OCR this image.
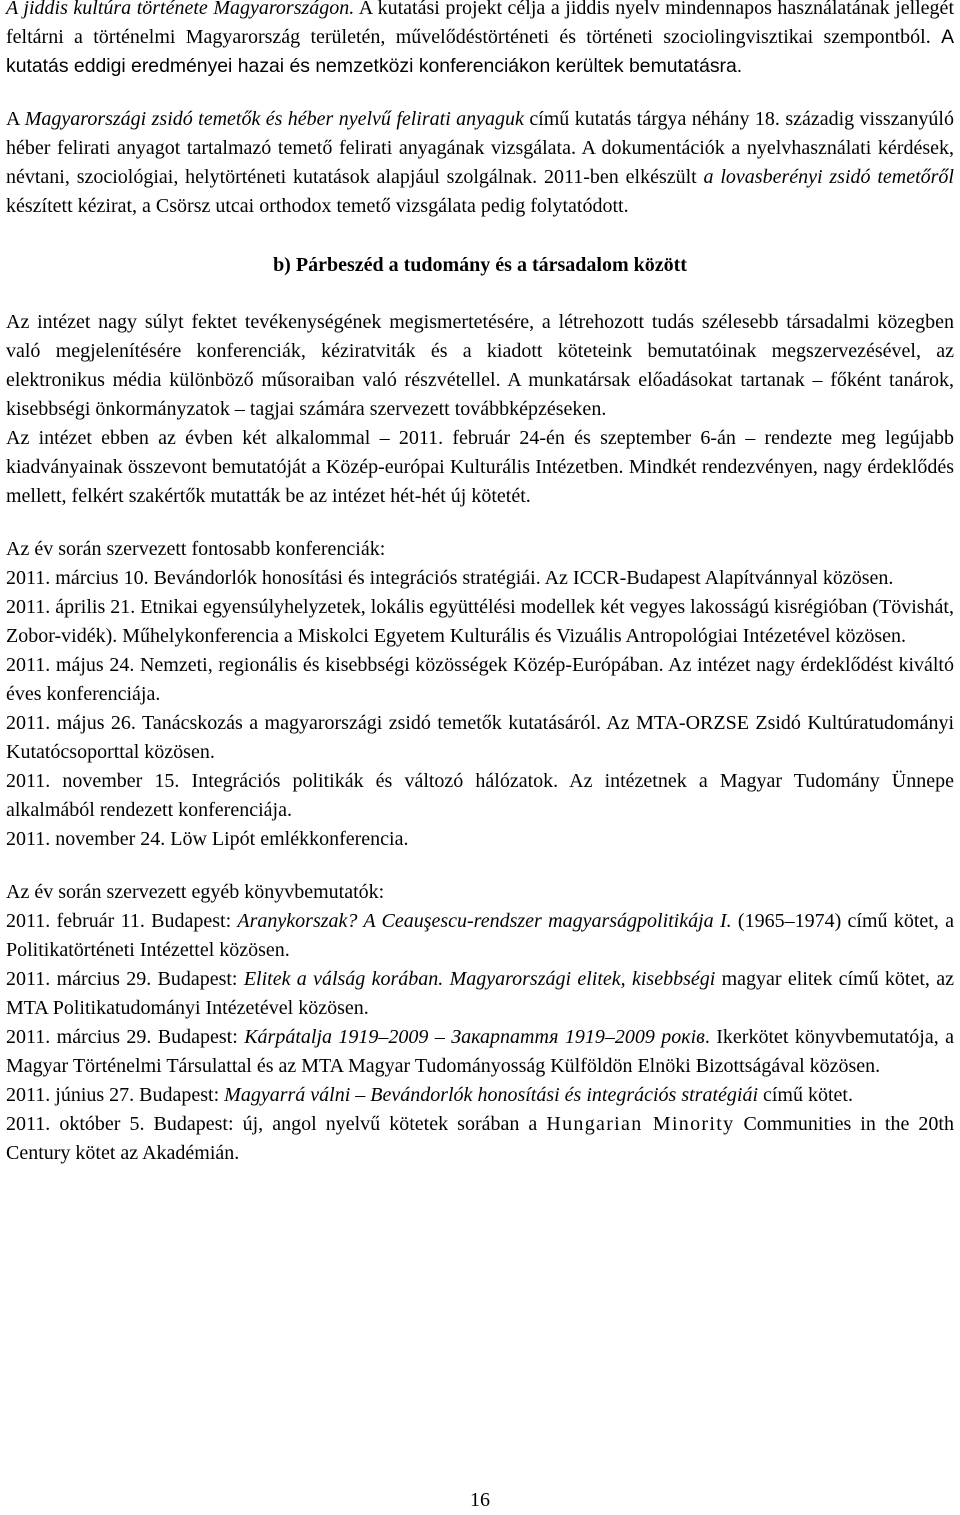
A jiddis kultúra története Magyarországon. A kutatási projekt célja a jiddis nyelv mindennapos használatának jellegét feltárni a történelmi Magyarország területén, művelődéstörténeti és történeti szociolingvisztikai szempontból. A kutatás eddigi eredményei hazai és nemzetközi konferenciákon kerültek bemutatásra.

A Magyarországi zsidó temetők és héber nyelvű felirati anyaguk című kutatás tárgya néhány 18. századig visszanyúló héber felirati anyagot tartalmazó temető felirati anyagának vizsgálata. A dokumentációk a nyelvhasználati kérdések, névtani, szociológiai, helytörténeti kutatások alapjául szolgálnak. 2011-ben elkészült a lovasberényi zsidó temetőről készített kézirat, a Csörsz utcai orthodox temető vizsgálata pedig folytatódott.

b) Párbeszéd a tudomány és a társadalom között

Az intézet nagy súlyt fektet tevékenységének megismertetésére, a létrehozott tudás szélesebb társadalmi közegben való megjelenítésére konferenciák, kéziratviták és a kiadott köteteink bemutatóinak megszervezésével, az elektronikus média különböző műsoraiban való részvétellel. A munkatársak előadásokat tartanak – főként tanárok, kisebbségi önkormányzatok – tagjai számára szervezett továbbképzéseken.

Az intézet ebben az évben két alkalommal – 2011. február 24-én és szeptember 6-án – rendezte meg legújabb kiadványainak összevont bemutatóját a Közép-európai Kulturális Intézetben. Mindkét rendezvényen, nagy érdeklődés mellett, felkért szakértők mutatták be az intézet hét-hét új kötetét.

Az év során szervezett fontosabb konferenciák:

2011. március 10. Bevándorlók honosítási és integrációs stratégiái. Az ICCR-Budapest Alapítvánnyal közösen.

2011. április 21. Etnikai egyensúlyhelyzetek, lokális együttélési modellek két vegyes lakosságú kisrégióban (Tövishát, Zobor-vidék). Műhelykonferencia a Miskolci Egyetem Kulturális és Vizuális Antropológiai Intézetével közösen.

2011. május 24. Nemzeti, regionális és kisebbségi közösségek Közép-Európában. Az intézet nagy érdeklődést kiváltó éves konferenciája.

2011. május 26. Tanácskozás a magyarországi zsidó temetők kutatásáról. Az MTA-ORZSE Zsidó Kultúratudományi Kutatócsoporttal közösen.

2011. november 15. Integrációs politikák és változó hálózatok. Az intézetnek a Magyar Tudomány Ünnepe alkalmából rendezett konferenciája.

2011. november 24. Löw Lipót emlékkonferencia.

Az év során szervezett egyéb könyvbemutatók:

2011. február 11. Budapest: Aranykorszak? A Ceauşescu-rendszer magyarságpolitikája I. (1965–1974) című kötet, a Politikatörténeti Intézettel közösen.

2011. március 29. Budapest: Elitek a válság korában. Magyarországi elitek, kisebbségi magyar elitek című kötet, az MTA Politikatudományi Intézetével közösen.

2011. március 29. Budapest: Kárpátalja 1919–2009 – Закарпаття 1919–2009 років. Ikerkötet könyvbemutatója, a Magyar Történelmi Társulattal és az MTA Magyar Tudományosság Külföldön Elnöki Bizottságával közösen.

2011. június 27. Budapest: Magyarrá válni – Bevándorlók honosítási és integrációs stratégiái című kötet.

2011. október 5. Budapest: új, angol nyelvű kötetek sorában a Hungarian Minority Communities in the 20th Century kötet az Akadémián.

16
